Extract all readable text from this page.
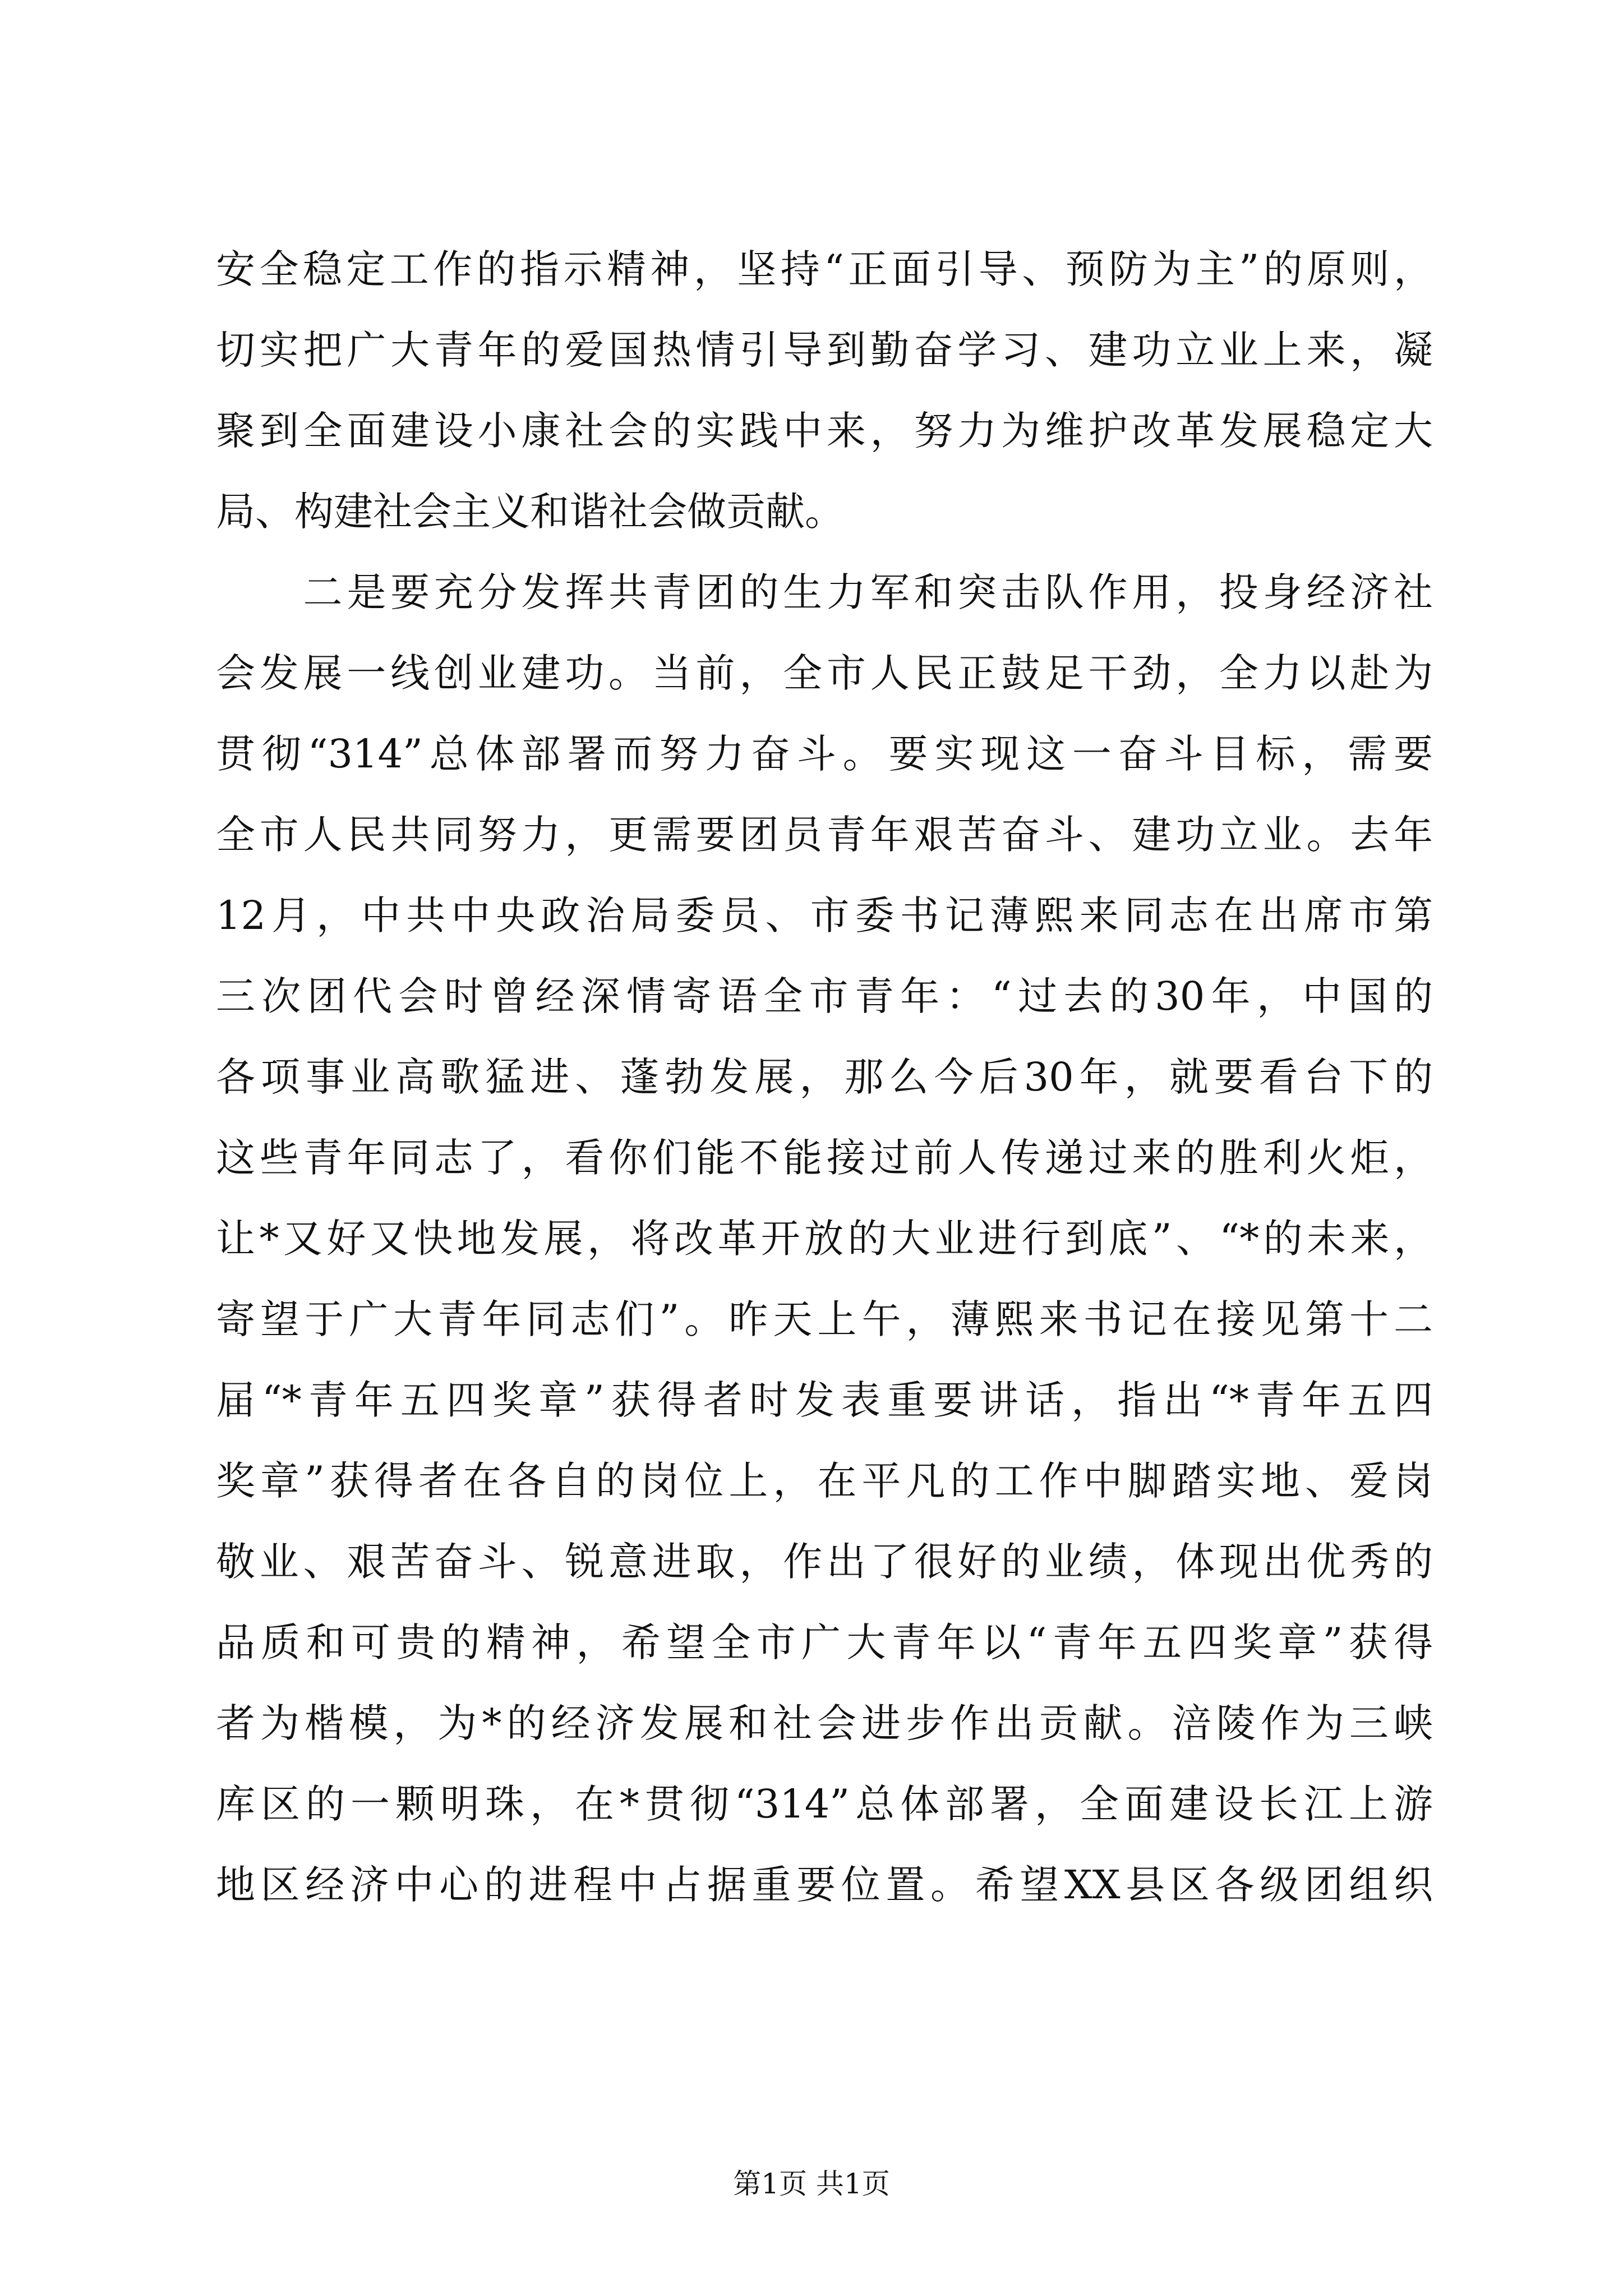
安全稳定工作的指示精神，坚持“正面引导、预防为主”的原则，
切实把广大青年的爱国热情引导到勤奋学习、建功立业上来，凝
聚到全面建设小康社会的实践中来，努力为维护改革发展稳定大
局、构建社会主义和谐社会做贡献。
　　二是要充分发挥共青团的生力军和突击队作用，投身经济社
会发展一线创业建功。当前，全市人民正鼓足干劲，全力以赴为
贯彻“314”总体部署而努力奋斗。要实现这一奋斗目标，需要
全市人民共同努力，更需要团员青年艰苦奋斗、建功立业。去年
12月，中共中央政治局委员、市委书记薄熙来同志在出席市第
三次团代会时曾经深情寄语全市青年：“过去的30年，中国的
各项事业高歌猛进、蓬勃发展，那么今后30年，就要看台下的
这些青年同志了，看你们能不能接过前人传递过来的胜利火炬，
让*又好又快地发展，将改革开放的大业进行到底”、“*的未来，
寄望于广大青年同志们”。昨天上午，薄熙来书记在接见第十二
届“*青年五四奖章”获得者时发表重要讲话，指出“*青年五四
奖章”获得者在各自的岗位上，在平凡的工作中脚踏实地、爱岗
敬业、艰苦奋斗、锐意进取，作出了很好的业绩，体现出优秀的
品质和可贵的精神，希望全市广大青年以“青年五四奖章”获得
者为楷模，为*的经济发展和社会进步作出贡献。涪陵作为三峡
库区的一颗明珠，在*贯彻“314”总体部署，全面建设长江上游
地区经济中心的进程中占据重要位置。希望XX县区各级团组织
第1页 共1页
